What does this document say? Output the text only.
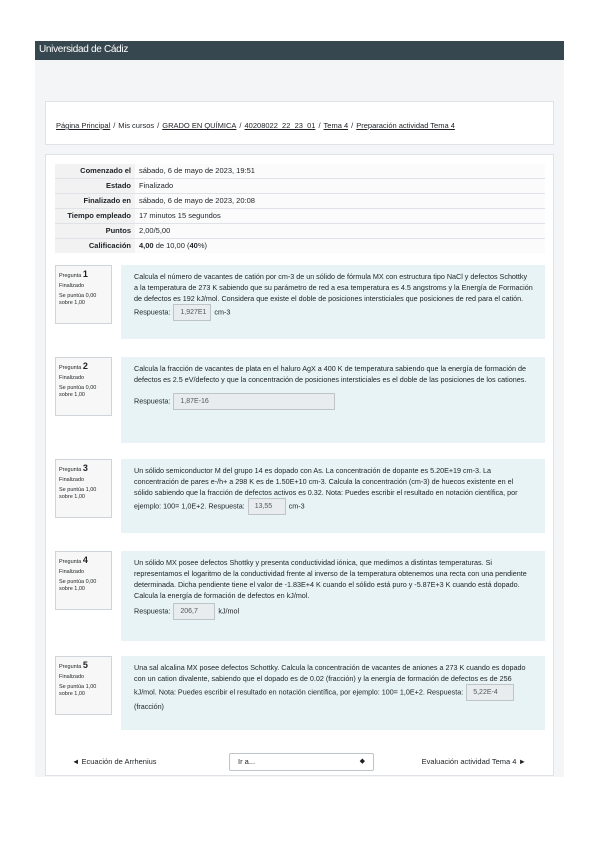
Universidad de Cádiz
Página Principal / Mis cursos / GRADO EN QUÍMICA / 40208022_22_23_01 / Tema 4 / Preparación actividad Tema 4
Comenzado el	sábado, 6 de mayo de 2023, 19:51
Estado	Finalizado
Finalizado en	sábado, 6 de mayo de 2023, 20:08
Tiempo empleado	17 minutos 15 segundos
Puntos	2,00/5,00
Calificación	4,00 de 10,00 (40%)
Pregunta 1
Finalizado
Se puntúa 0,00 sobre 1,00
Calcula el número de vacantes de catión por cm-3 de un sólido de fórmula MX con estructura tipo NaCl y defectos Schottky a la temperatura de 273 K sabiendo que su parámetro de red a esa temperatura es 4.5 angstroms y la Energía de Formación de defectos es 192 kJ/mol. Considera que existe el doble de posiciones intersticiales que posiciones de red para el catión. Respuesta: 1,927E1 cm-3
Pregunta 2
Finalizado
Se puntúa 0,00 sobre 1,00
Calcula la fracción de vacantes de plata en el haluro AgX a 400 K de temperatura sabiendo que la energía de formación de defectos es 2.5 eV/defecto y que la concentración de posiciones intersticiales es el doble de las posiciones de los cationes.
Respuesta: 1,87E-16
Pregunta 3
Finalizado
Se puntúa 1,00 sobre 1,00
Un sólido semiconductor M del grupo 14 es dopado con As. La concentración de dopante es 5.20E+19 cm-3. La concentración de pares e-/h+ a 298 K es de 1.50E+10 cm-3. Calcula la concentración (cm-3) de huecos existente en el sólido sabiendo que la fracción de defectos activos es 0.32. Nota: Puedes escribir el resultado en notación científica, por ejemplo: 100= 1,0E+2. Respuesta: 13,55 cm-3
Pregunta 4
Finalizado
Se puntúa 0,00 sobre 1,00
Un sólido MX posee defectos Shottky y presenta conductividad iónica, que medimos a distintas temperaturas. Si representamos el logaritmo de la conductividad frente al inverso de la temperatura obtenemos una recta con una pendiente determinada. Dicha pendiente tiene el valor de -1.83E+4 K cuando el sólido está puro y -5.87E+3 K cuando está dopado. Calcula la energía de formación de defectos en kJ/mol.
Respuesta: 206,7	kJ/mol
Pregunta 5
Finalizado
Se puntúa 1,00 sobre 1,00
Una sal alcalina MX posee defectos Schottky. Calcula la concentración de vacantes de aniones a 273 K cuando es dopado con un cation divalente, sabiendo que el dopado es de 0.02 (fracción) y la energía de formación de defectos es de 256 kJ/mol. Nota: Puedes escribir el resultado en notación científica, por ejemplo: 100= 1,0E+2. Respuesta: 5,22E-4(fracción)
◄ Ecuación de Arrhenius	Ir a...	◆	Evaluación actividad Tema 4 ►
